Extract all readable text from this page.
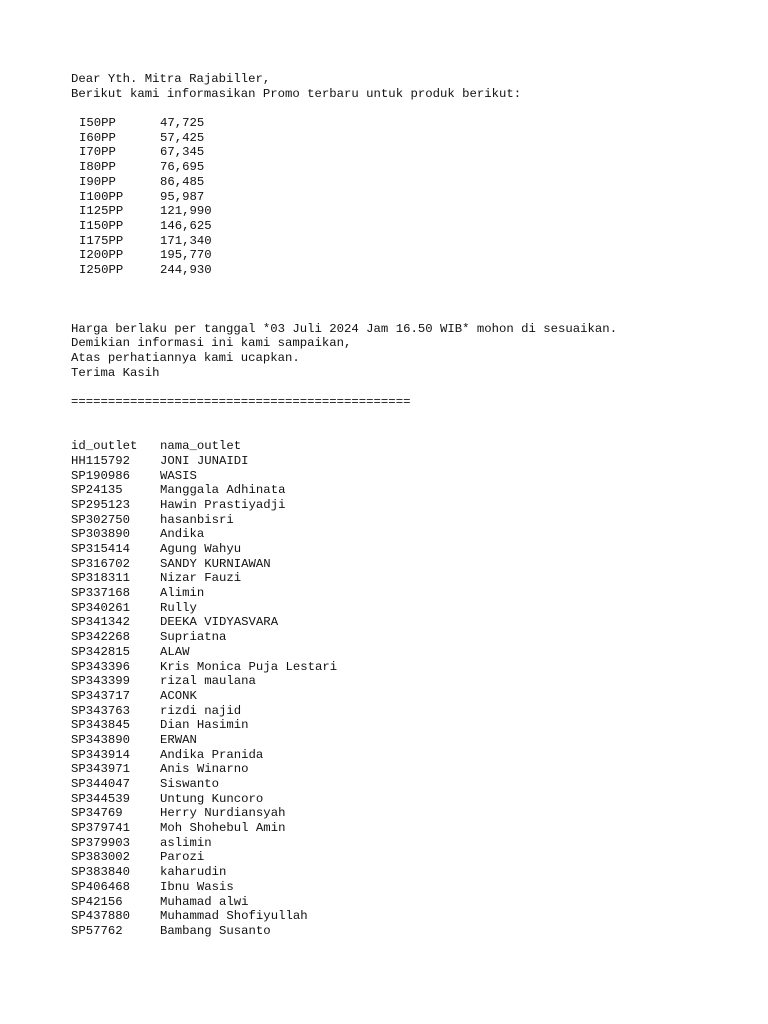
Dear Yth. Mitra Rajabiller,
Berikut kami informasikan Promo terbaru untuk produk berikut:
I50PP	47,725
I60PP	57,425
I70PP	67,345
I80PP	76,695
I90PP	86,485
I100PP	95,987
I125PP	121,990
I150PP	146,625
I175PP	171,340
I200PP	195,770
I250PP	244,930
Harga berlaku per tanggal *03 Juli 2024 Jam 16.50 WIB* mohon di sesuaikan.
Demikian informasi ini kami sampaikan,
Atas perhatiannya kami ucapkan.
Terima Kasih
==============================================
id_outlet	nama_outlet
HH115792	JONI JUNAIDI
SP190986	WASIS
SP24135	Manggala Adhinata
SP295123	Hawin Prastiyadji
SP302750	hasanbisri
SP303890	Andika
SP315414	Agung Wahyu
SP316702	SANDY KURNIAWAN
SP318311	Nizar Fauzi
SP337168	Alimin
SP340261	Rully
SP341342	DEEKA VIDYASVARA
SP342268	Supriatna
SP342815	ALAW
SP343396	Kris Monica Puja Lestari
SP343399	rizal maulana
SP343717	ACONK
SP343763	rizdi najid
SP343845	Dian Hasimin
SP343890	ERWAN
SP343914	Andika Pranida
SP343971	Anis Winarno
SP344047	Siswanto
SP344539	Untung Kuncoro
SP34769	Herry Nurdiansyah
SP379741	Moh Shohebul Amin
SP379903	aslimin
SP383002	Parozi
SP383840	kaharudin
SP406468	Ibnu Wasis
SP42156	Muhamad alwi
SP437880	Muhammad Shofiyullah
SP57762	Bambang Susanto
